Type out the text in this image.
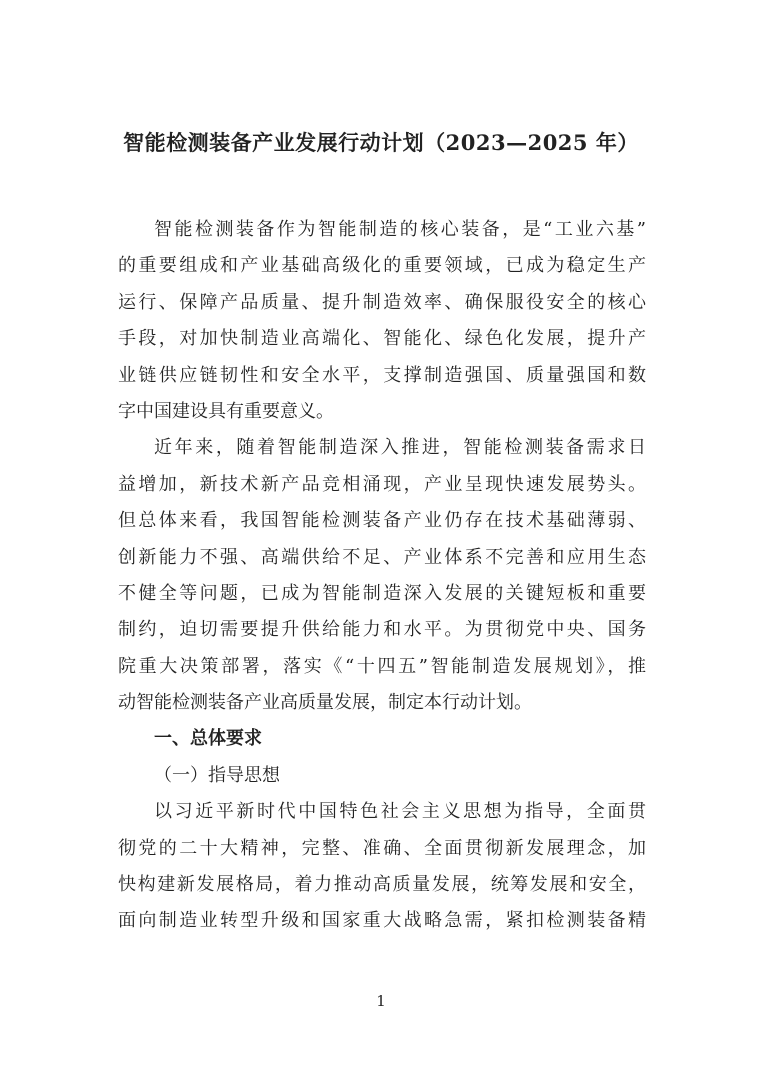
智能检测装备产业发展行动计划（2023—2025 年）
智能检测装备作为智能制造的核心装备，是“工业六基”
的重要组成和产业基础高级化的重要领域，已成为稳定生产
运行、保障产品质量、提升制造效率、确保服役安全的核心
手段，对加快制造业高端化、智能化、绿色化发展，提升产
业链供应链韧性和安全水平，支撑制造强国、质量强国和数
字中国建设具有重要意义。
近年来，随着智能制造深入推进，智能检测装备需求日
益增加，新技术新产品竞相涌现，产业呈现快速发展势头。
但总体来看，我国智能检测装备产业仍存在技术基础薄弱、
创新能力不强、高端供给不足、产业体系不完善和应用生态
不健全等问题，已成为智能制造深入发展的关键短板和重要
制约，迫切需要提升供给能力和水平。为贯彻党中央、国务
院重大决策部署，落实《“十四五”智能制造发展规划》，推
动智能检测装备产业高质量发展，制定本行动计划。
一、总体要求
（一）指导思想
以习近平新时代中国特色社会主义思想为指导，全面贯
彻党的二十大精神，完整、准确、全面贯彻新发展理念，加
快构建新发展格局，着力推动高质量发展，统筹发展和安全，
面向制造业转型升级和国家重大战略急需，紧扣检测装备精
1
